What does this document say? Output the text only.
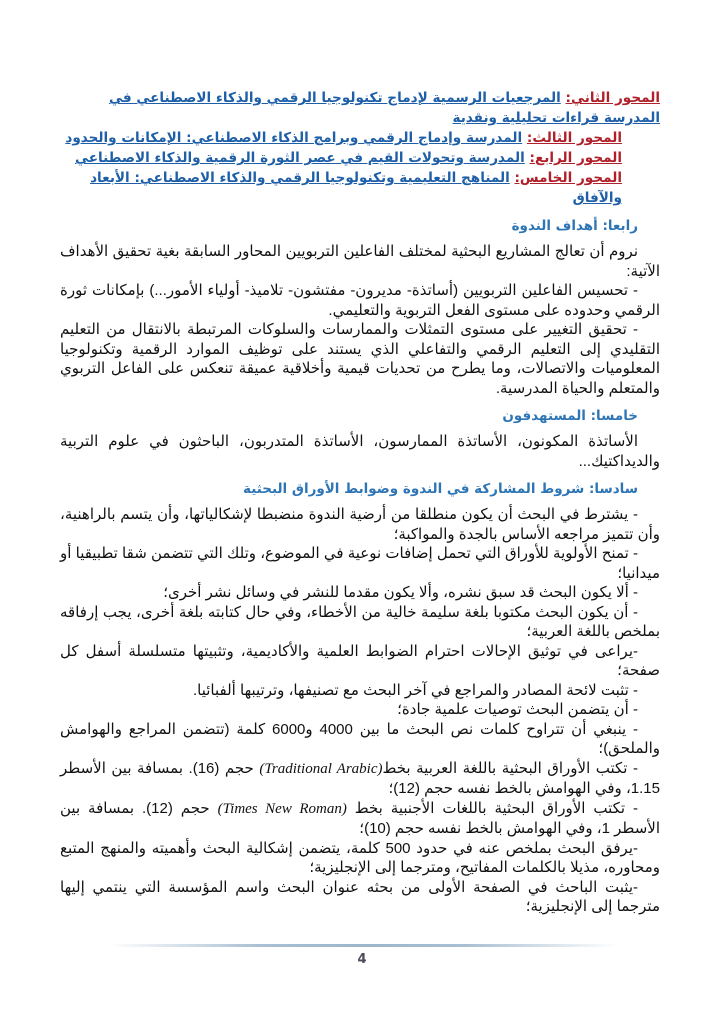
المحور الثاني: المرجعيات الرسمية لإدماج تكنولوجيا الرقمي والذكاء الاصطناعي في المدرسة قراءات تحليلية ونقدية
المحور الثالث: المدرسة وإدماج الرقمي وبرامج الذكاء الاصطناعي: الإمكانات والحدود
المحور الرابع: المدرسة وتحولات القيم في عصر الثورة الرقمية والذكاء الاصطناعي
المحور الخامس: المناهج التعليمية وتكنولوجيا الرقمي والذكاء الاصطناعي: الأبعاد والآفاق
رابعا: أهداف الندوة

نروم أن تعالج المشاريع البحثية لمختلف الفاعلين التربويين المحاور السابقة بغية تحقيق الأهداف الآتية:

- تحسيس الفاعلين التربويين (أساتذة- مديرون- مفتشون- تلاميذ- أولياء الأمور...) بإمكانات ثورة الرقمي وحدوده على مستوى الفعل التربوية والتعليمي.

- تحقيق التغيير على مستوى التمثلات والممارسات والسلوكات المرتبطة بالانتقال من التعليم التقليدي إلى التعليم الرقمي والتفاعلي الذي يستند على توظيف الموارد الرقمية وتكنولوجيا المعلوميات والاتصالات، وما يطرح من تحديات قيمية وأخلاقية عميقة تنعكس على الفاعل التربوي والمتعلم والحياة المدرسية.

خامسا: المستهدفون

الأساتذة المكونون، الأساتذة الممارسون، الأساتذة المتدربون، الباحثون في علوم التربية والديداكتيك...

سادسا: شروط المشاركة في الندوة وضوابط الأوراق البحثية

- يشترط في البحث أن يكون منطلقا من أرضية الندوة منضبطا لإشكالياتها، وأن يتسم بالراهنية، وأن تتميز مراجعه الأساس بالجدة والمواكبة؛

- تمنح الأولوية للأوراق التي تحمل إضافات نوعية في الموضوع، وتلك التي تتضمن شقا تطبيقيا أو ميدانيا؛

- ألا يكون البحث قد سبق نشره، وألا يكون مقدما للنشر في وسائل نشر أخرى؛

- أن يكون البحث مكتوبا بلغة سليمة خالية من الأخطاء، وفي حال كتابته بلغة أخرى، يجب إرفاقه بملخص باللغة العربية؛

-يراعى في توثيق الإحالات احترام الضوابط العلمية والأكاديمية، وتثبيتها متسلسلة أسفل كل صفحة؛

- تثبت لائحة المصادر والمراجع في آخر البحث مع تصنيفها، وترتيبها ألفبائيا.

- أن يتضمن البحث توصيات علمية جادة؛

- ينبغي أن تتراوح كلمات نص البحث ما بين 4000 و6000 كلمة (تتضمن المراجع والهوامش والملحق)؛

- تكتب الأوراق البحثية باللغة العربية بخط(Traditional Arabic) حجم (16). بمسافة بين الأسطر 1.15، وفي الهوامش بالخط نفسه حجم (12)؛

- تكتب الأوراق البحثية باللغات الأجنبية بخط (Times New Roman) حجم (12). بمسافة بين الأسطر 1، وفي الهوامش بالخط نفسه حجم (10)؛

-يرفق البحث بملخص عنه في حدود 500 كلمة، يتضمن إشكالية البحث وأهميته والمنهج المتبع ومحاوره، مذيلا بالكلمات المفاتيح، ومترجما إلى الإنجليزية؛

-يثبت الباحث في الصفحة الأولى من بحثه عنوان البحث واسم المؤسسة التي ينتمي إليها مترجما إلى الإنجليزية؛

4
